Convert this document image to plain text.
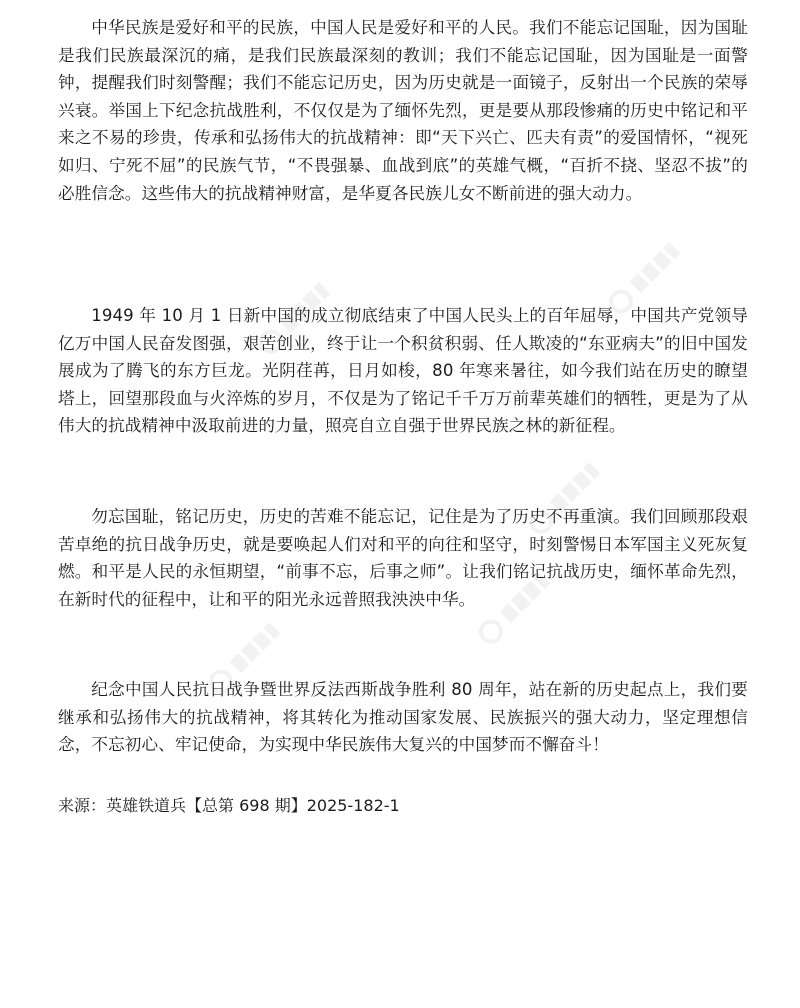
中华民族是爱好和平的民族，中国人民是爱好和平的人民。我们不能忘记国耻，因为国耻是我们民族最深沉的痛，是我们民族最深刻的教训；我们不能忘记国耻，因为国耻是一面警钟，提醒我们时刻警醒；我们不能忘记历史，因为历史就是一面镜子，反射出一个民族的荣辱兴衰。举国上下纪念抗战胜利，不仅仅是为了缅怀先烈，更是要从那段惨痛的历史中铭记和平来之不易的珍贵，传承和弘扬伟大的抗战精神：即“天下兴亡、匹夫有责”的爱国情怀，“视死如归、宁死不屈”的民族气节，“不畏强暴、血战到底”的英雄气概，“百折不挠、坚忍不拔”的必胜信念。这些伟大的抗战精神财富，是华夏各民族儿女不断前进的强大动力。

1949 年 10 月 1 日新中国的成立彻底结束了中国人民头上的百年屈辱，中国共产党领导亿万中国人民奋发图强，艰苦创业，终于让一个积贫积弱、任人欺凌的“东亚病夫”的旧中国发展成为了腾飞的东方巨龙。光阴荏苒，日月如梭，80 年寒来暑往，如今我们站在历史的瞭望塔上，回望那段血与火淬炼的岁月，不仅是为了铭记千千万万前辈英雄们的牺牲，更是为了从伟大的抗战精神中汲取前进的力量，照亮自立自强于世界民族之林的新征程。

勿忘国耻，铭记历史，历史的苦难不能忘记，记住是为了历史不再重演。我们回顾那段艰苦卓绝的抗日战争历史，就是要唤起人们对和平的向往和坚守，时刻警惕日本军国主义死灰复燃。和平是人民的永恒期望，“前事不忘，后事之师”。让我们铭记抗战历史，缅怀革命先烈，在新时代的征程中，让和平的阳光永远普照我泱泱中华。

纪念中国人民抗日战争暨世界反法西斯战争胜利 80 周年，站在新的历史起点上，我们要继承和弘扬伟大的抗战精神，将其转化为推动国家发展、民族振兴的强大动力，坚定理想信念，不忘初心、牢记使命，为实现中华民族伟大复兴的中国梦而不懈奋斗！

来源：英雄铁道兵【总第 698 期】2025-182-1
